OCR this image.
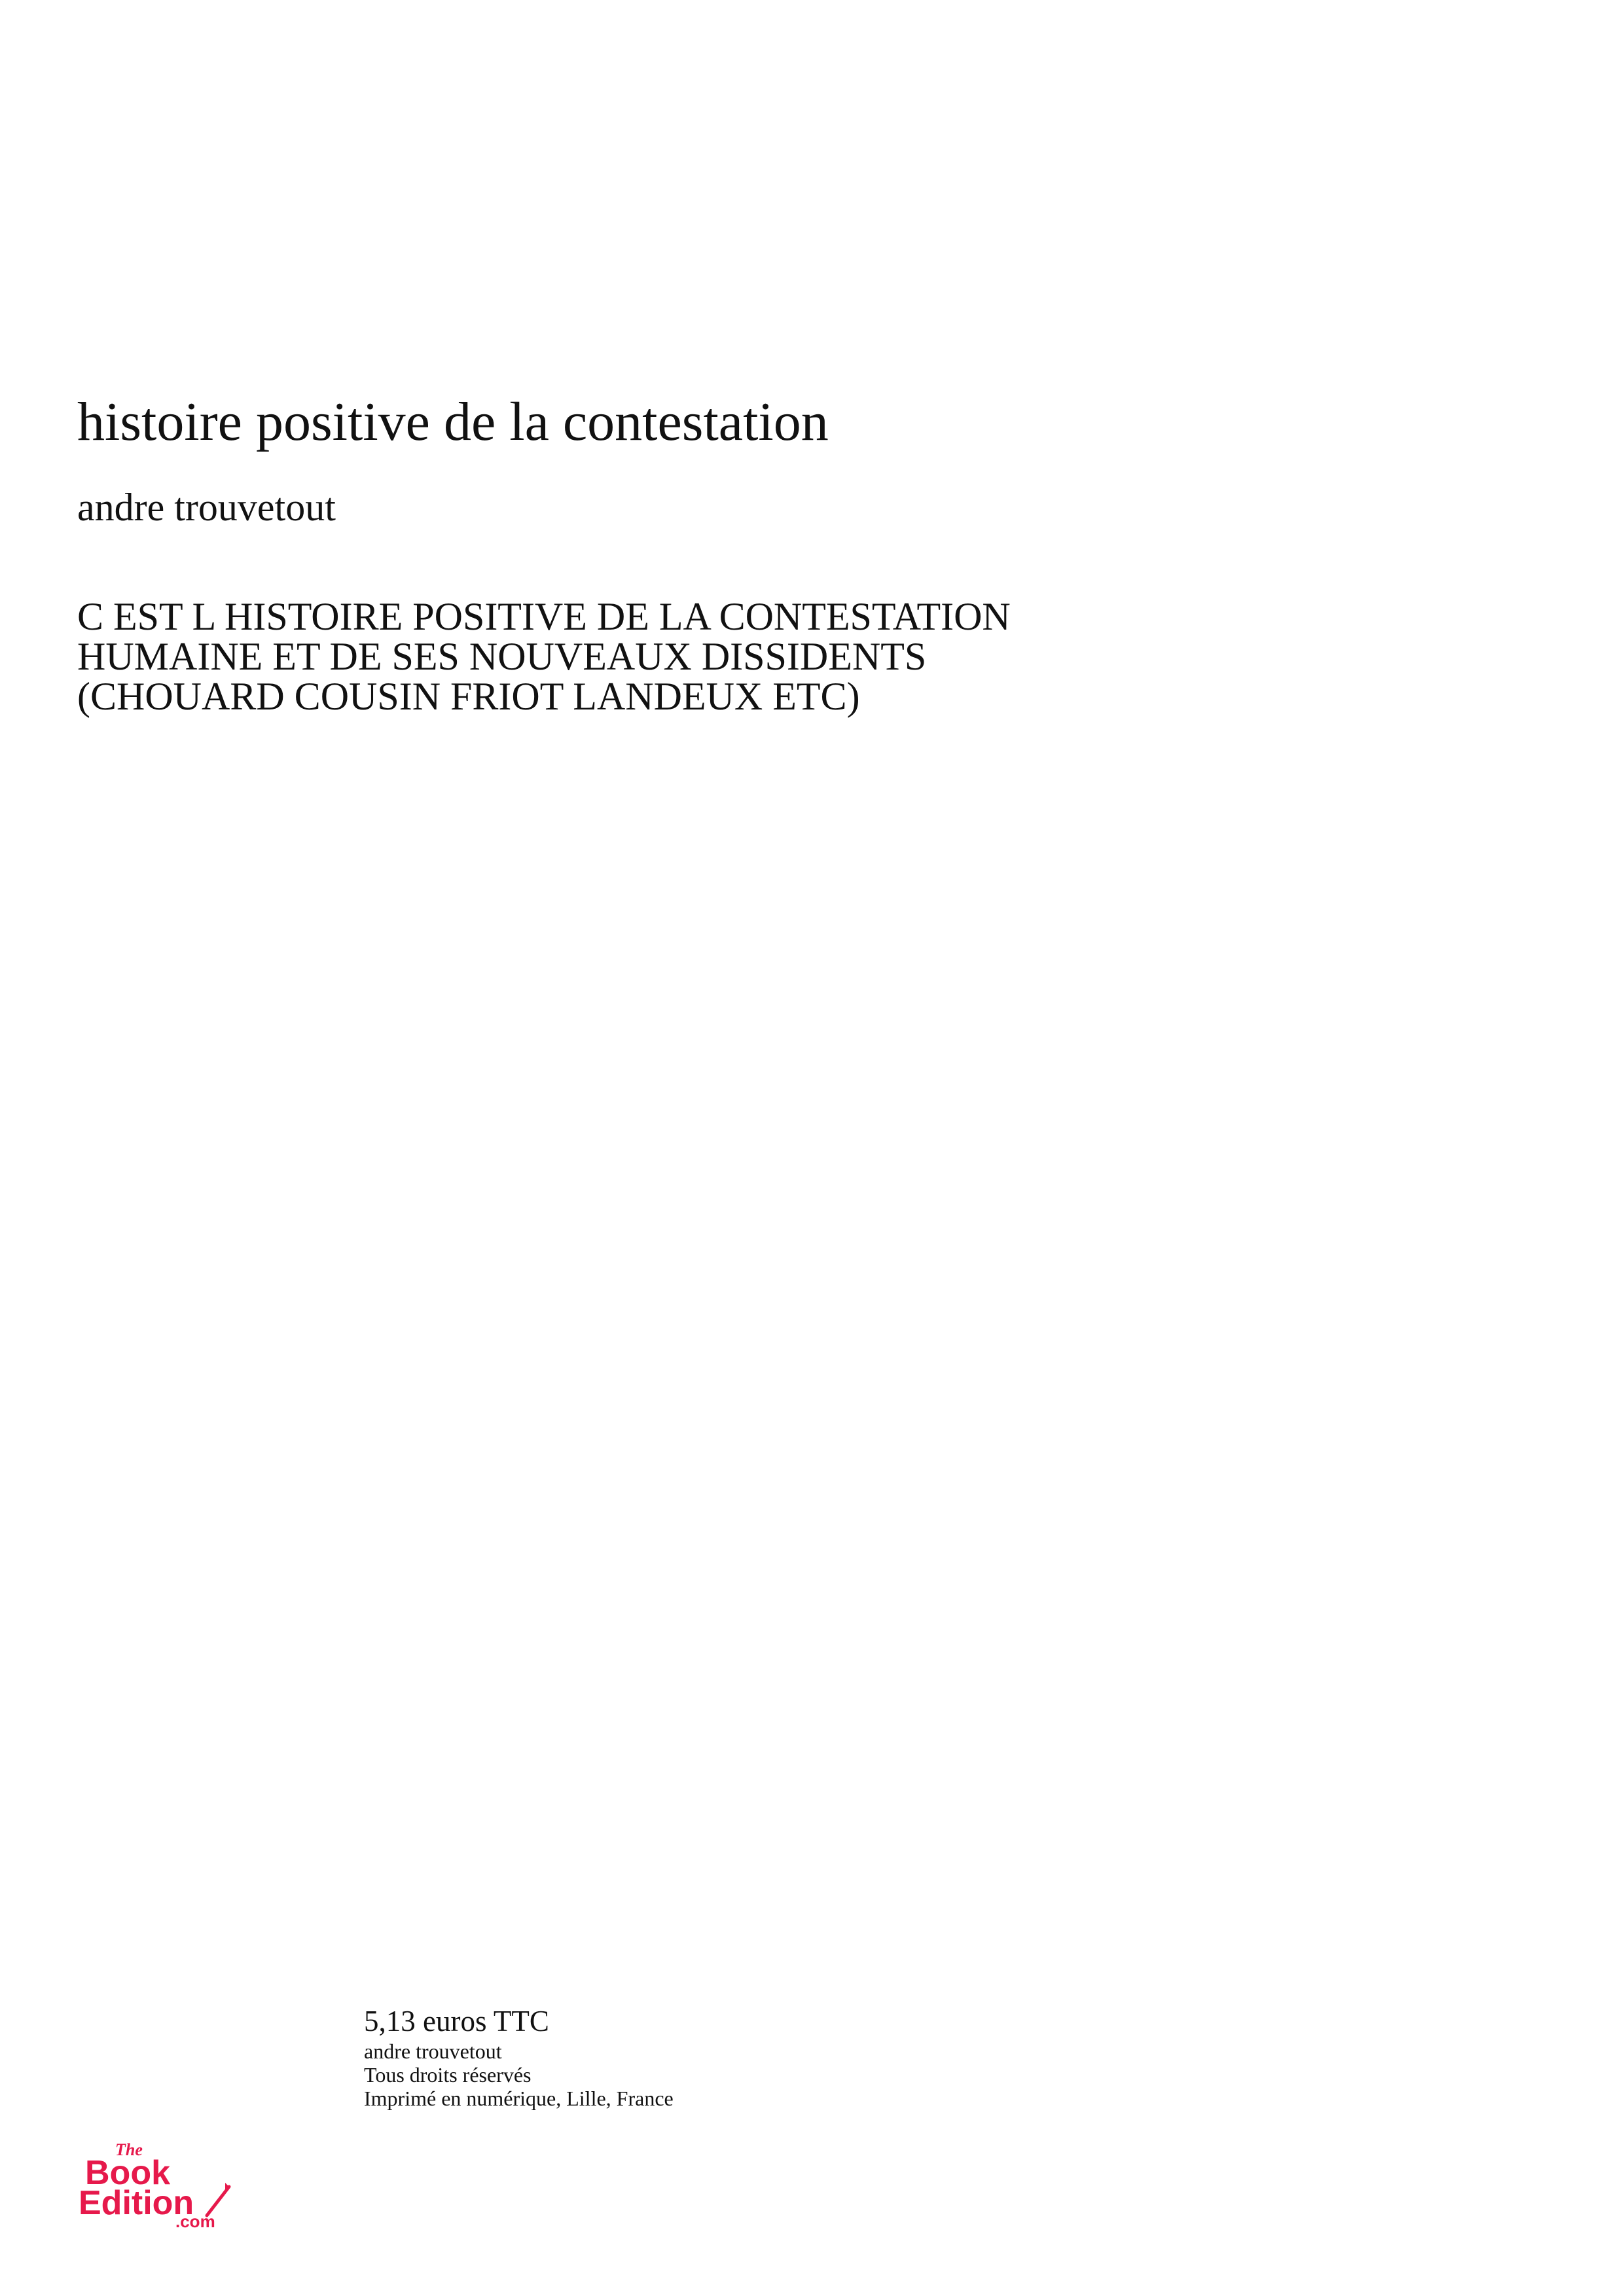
histoire positive de la contestation

andre trouvetout

C EST L HISTOIRE POSITIVE DE LA CONTESTATION
HUMAINE ET DE SES NOUVEAUX DISSIDENTS
(CHOUARD COUSIN FRIOT LANDEUX ETC)
5,13 euros TTC
andre trouvetout
Tous droits réservés
Imprimé en numérique, Lille, France
The
Book
Edition
.com
